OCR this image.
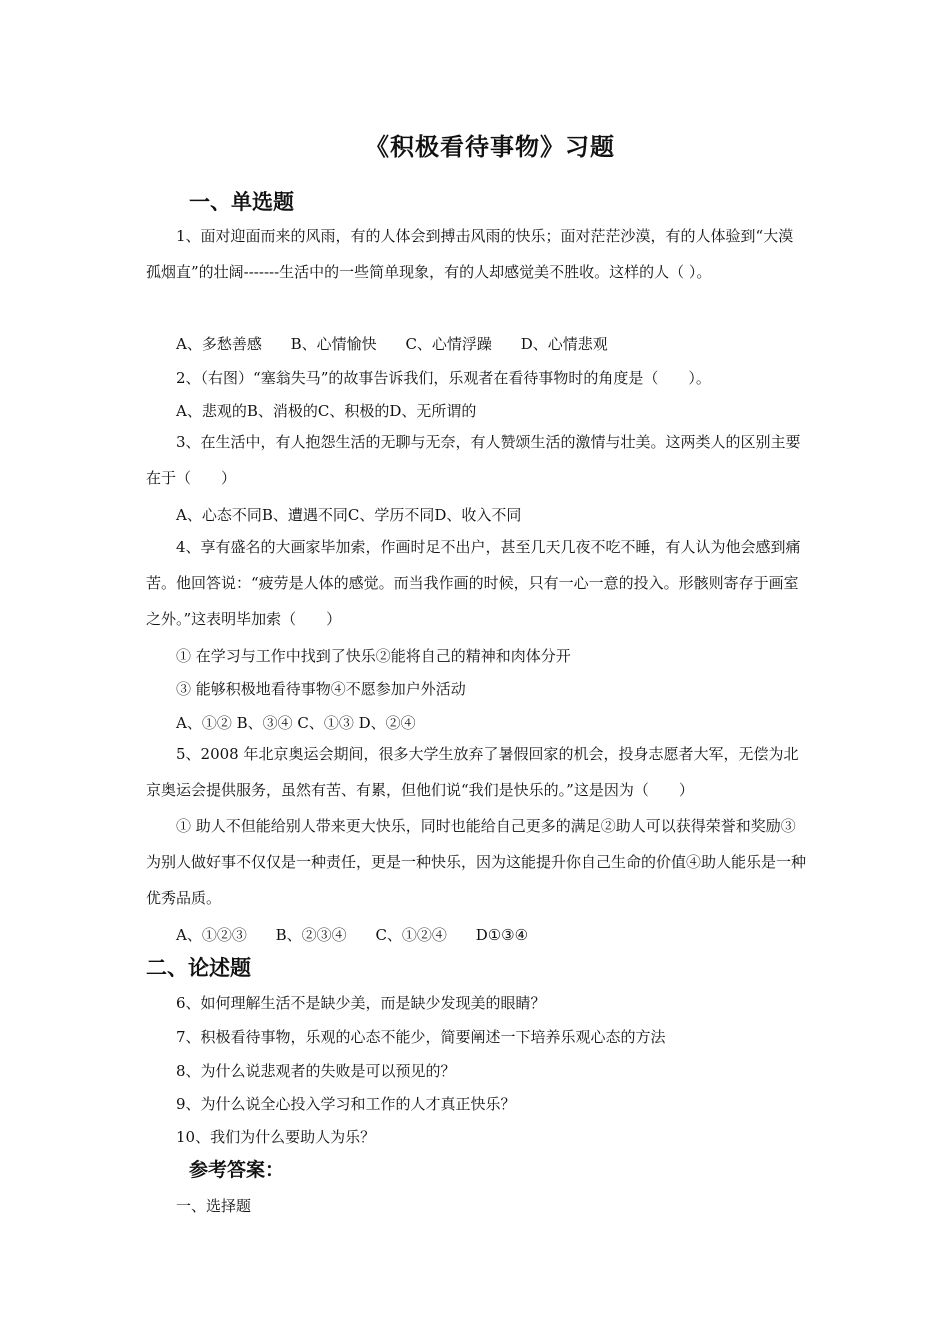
《积极看待事物》习题
一、单选题

1、面对迎面而来的风雨，有的人体会到搏击风雨的快乐；面对茫茫沙漠，有的人体验到“大漠孤烟直”的壮阔-------生活中的一些简单现象，有的人却感觉美不胜收。这样的人（ ）。

A、多愁善感 B、心情愉快 C、心情浮躁 D、心情悲观
2、（右图）“塞翁失马”的故事告诉我们，乐观者在看待事物时的角度是（　　）。
A、悲观的B、消极的C、积极的D、无所谓的

3、在生活中，有人抱怨生活的无聊与无奈，有人赞颂生活的激情与壮美。这两类人的区别主要在于（　　）

A、心态不同B、遭遇不同C、学历不同D、收入不同

4、享有盛名的大画家毕加索，作画时足不出户，甚至几天几夜不吃不睡，有人认为他会感到痛苦。他回答说：“疲劳是人体的感觉。而当我作画的时候，只有一心一意的投入。形骸则寄存于画室之外。”这表明毕加索（　　）

① 在学习与工作中找到了快乐②能将自己的精神和肉体分开
③ 能够积极地看待事物④不愿参加户外活动
A、①② B、③④ C、①③ D、②④

5、2008 年北京奥运会期间，很多大学生放弃了暑假回家的机会，投身志愿者大军，无偿为北京奥运会提供服务，虽然有苦、有累，但他们说“我们是快乐的。”这是因为（　　）

① 助人不但能给别人带来更大快乐，同时也能给自己更多的满足②助人可以获得荣誉和奖励③为别人做好事不仅仅是一种责任，更是一种快乐，因为这能提升你自己生命的价值④助人能乐是一种优秀品质。

A、①②③ B、②③④ C、①②④ D①③④
二、论述题
6、如何理解生活不是缺少美，而是缺少发现美的眼睛？
7、积极看待事物，乐观的心态不能少，简要阐述一下培养乐观心态的方法
8、为什么说悲观者的失败是可以预见的？
9、为什么说全心投入学习和工作的人才真正快乐？
10、我们为什么要助人为乐？
参考答案：
一、选择题
